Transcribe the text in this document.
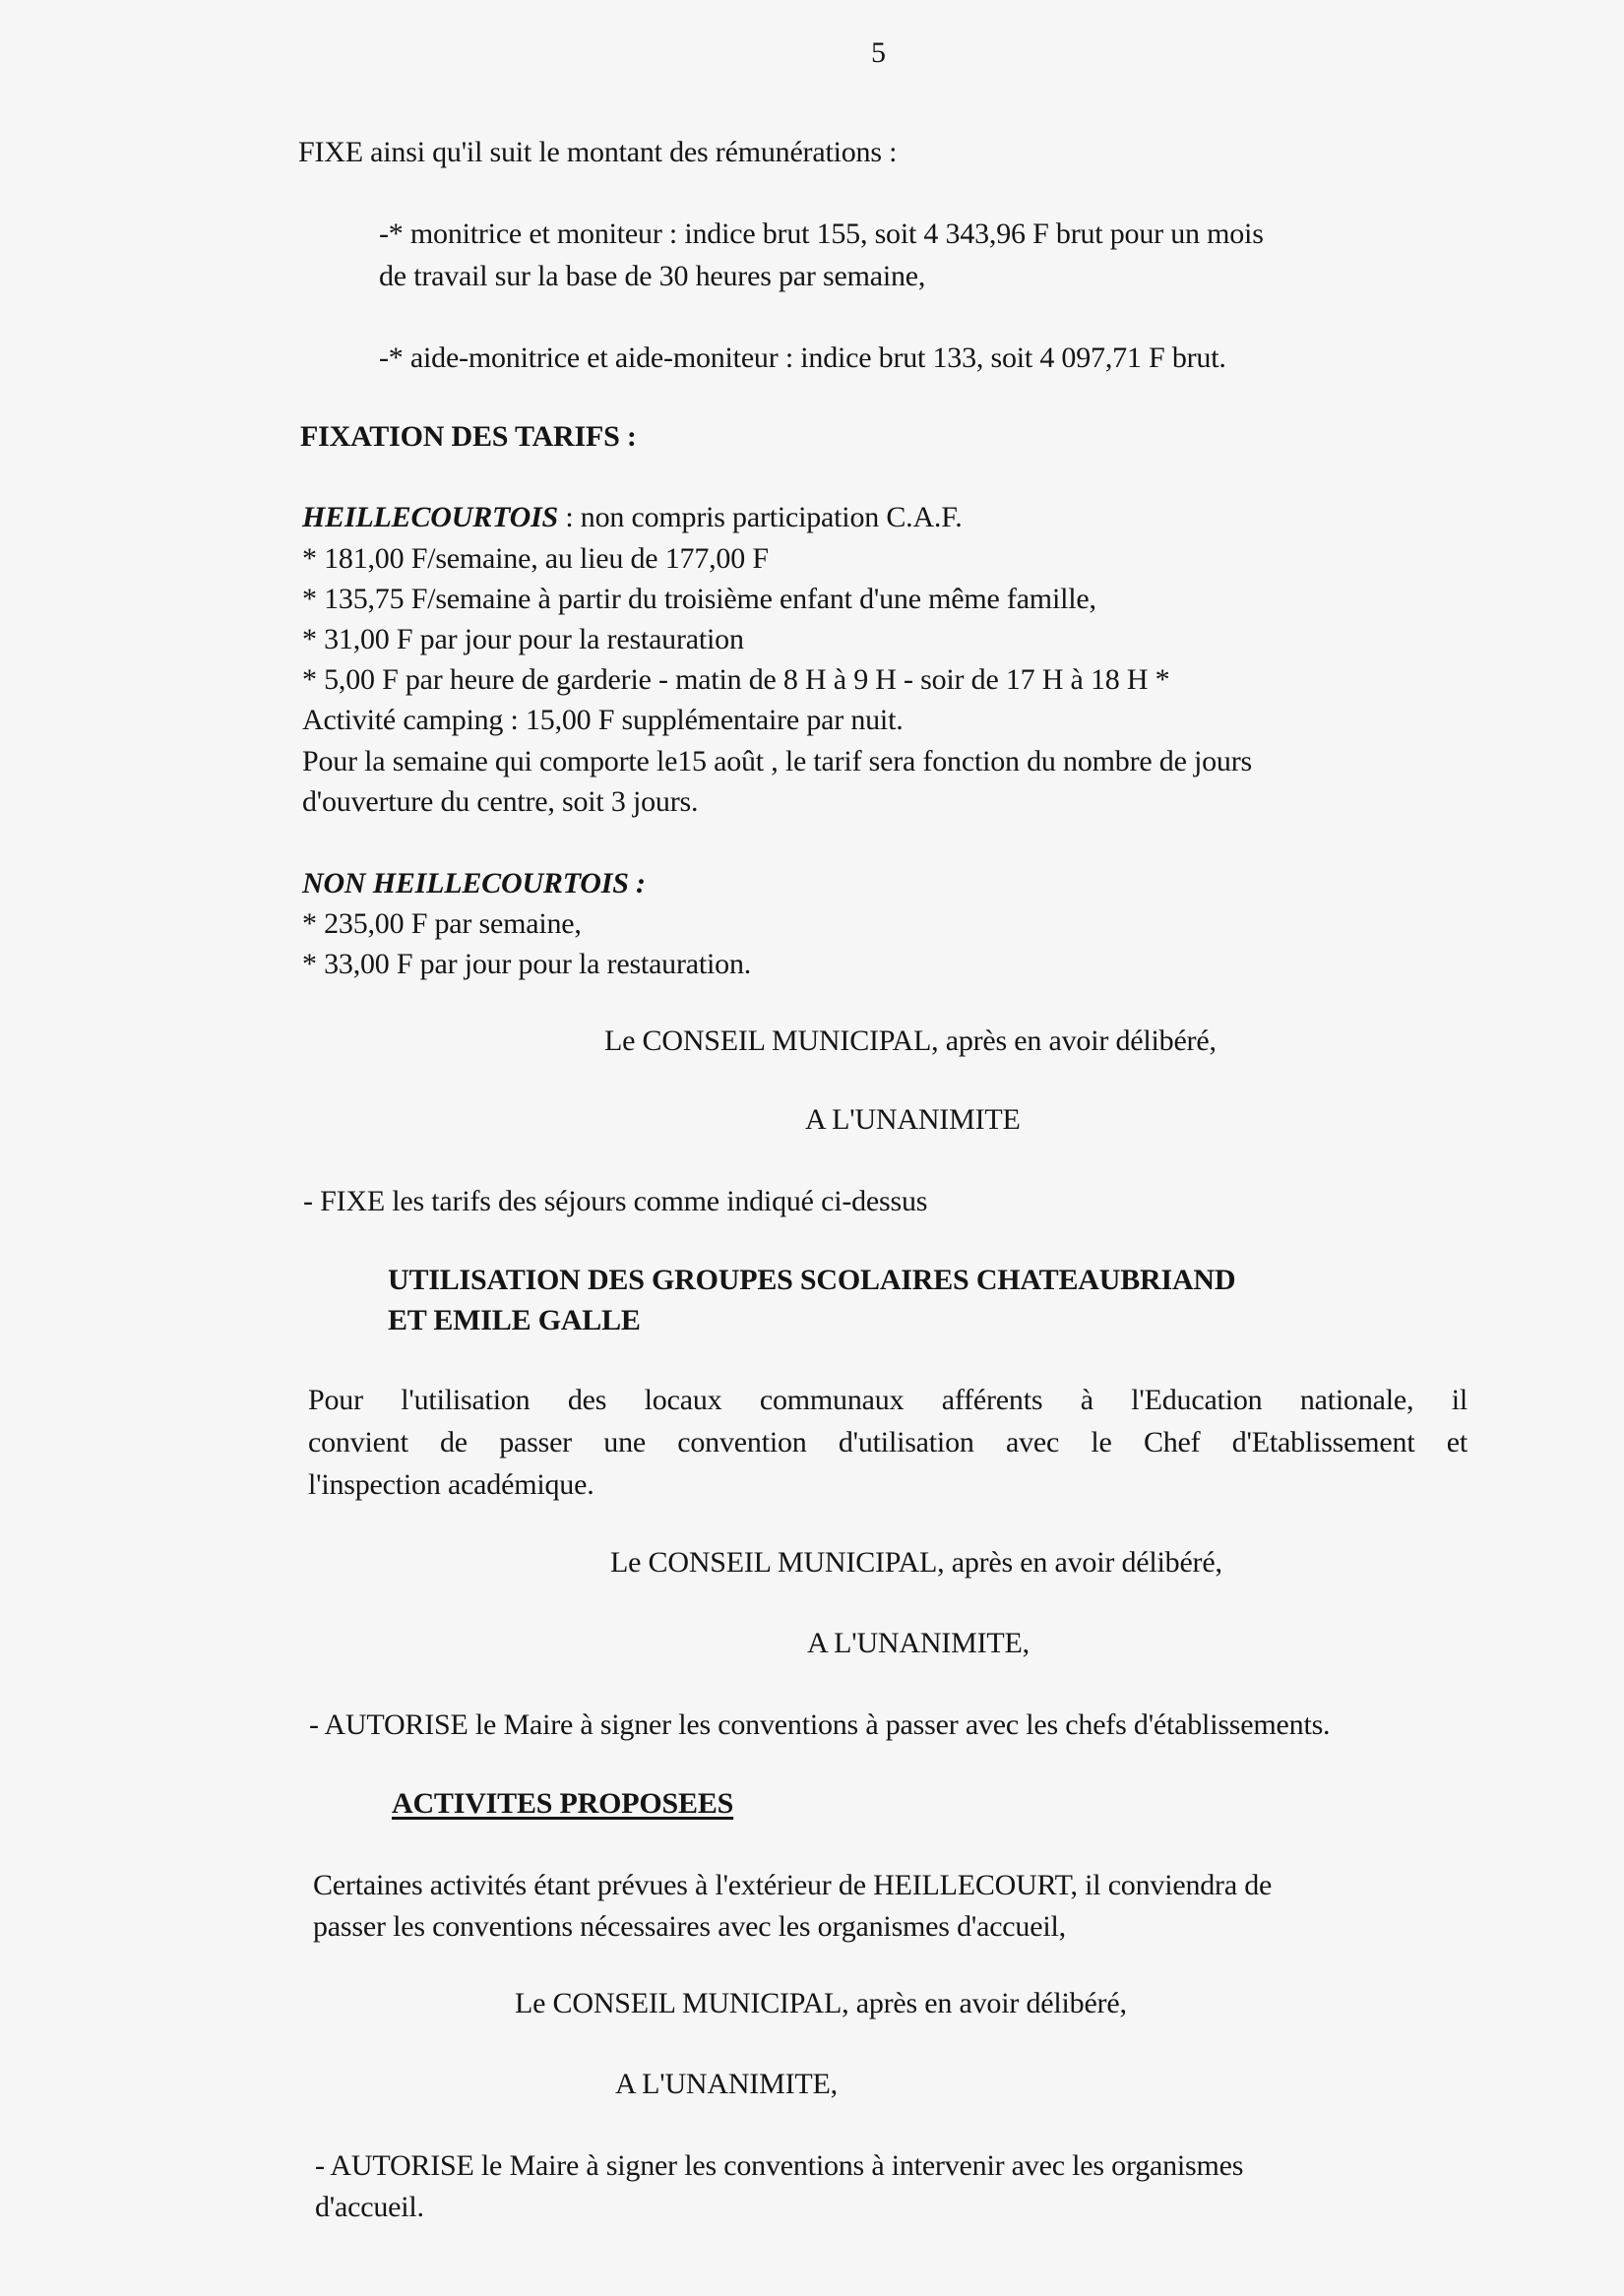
5
FIXE ainsi qu'il suit le montant des rémunérations :
-* monitrice et moniteur : indice brut 155, soit 4 343,96 F brut pour un mois
de travail sur la base de 30 heures par semaine,
-* aide-monitrice et aide-moniteur : indice brut 133, soit 4 097,71 F brut.
FIXATION DES TARIFS :
HEILLECOURTOIS : non compris participation C.A.F.
* 181,00 F/semaine, au lieu de 177,00 F
* 135,75 F/semaine à partir du troisième enfant d'une même famille,
* 31,00 F par jour pour la restauration
* 5,00 F par heure de garderie - matin de 8 H à 9 H - soir de 17 H à 18 H *
Activité camping : 15,00 F supplémentaire par nuit.
Pour la semaine qui comporte le15 août , le tarif sera fonction du nombre de jours
d'ouverture du centre, soit 3 jours.
NON HEILLECOURTOIS :
* 235,00 F par semaine,
* 33,00 F par jour pour la restauration.
Le CONSEIL MUNICIPAL, après en avoir délibéré,
A L'UNANIMITE
- FIXE les tarifs des séjours comme indiqué ci-dessus
UTILISATION DES GROUPES SCOLAIRES CHATEAUBRIAND
ET EMILE GALLE
Pour l'utilisation des locaux communaux afférents à l'Education nationale, il
convient de passer une convention d'utilisation avec le Chef d'Etablissement et
l'inspection académique.
Le CONSEIL MUNICIPAL, après en avoir délibéré,
A L'UNANIMITE,
- AUTORISE le Maire à signer les conventions à passer avec les chefs d'établissements.
ACTIVITES PROPOSEES
Certaines activités étant prévues à l'extérieur de HEILLECOURT, il conviendra de
passer les conventions nécessaires avec les organismes d'accueil,
Le CONSEIL MUNICIPAL, après en avoir délibéré,
A L'UNANIMITE,
- AUTORISE le Maire à signer les conventions à intervenir avec les organismes
d'accueil.
